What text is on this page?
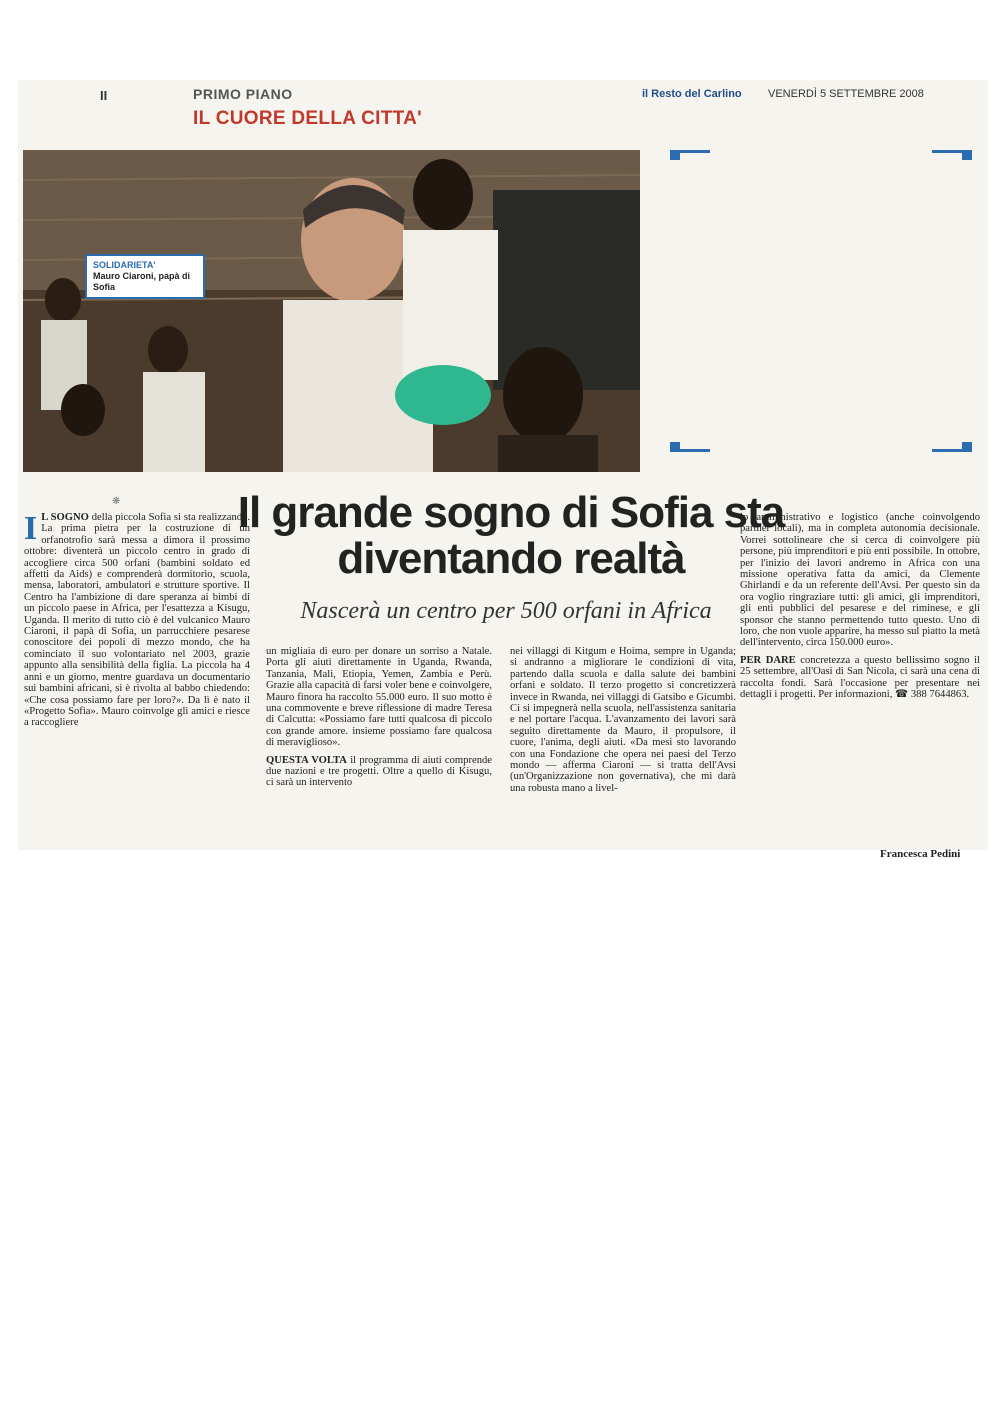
II	PRIMO PIANO
IL CUORE DELLA CITTA'
il Resto del Carlino VENERDÌ 5 SETTEMBRE 2008
SOLIDARIETA'
Mauro Ciaroni, papà di Sofia
❋	Il grande sogno di Sofia sta diventando realtà
Nascerà un centro per 500 orfani in Africa
I L SOGNO della piccola Sofia si sta realizzando. La prima pietra per la costruzione di un orfanotrofio sarà messa a dimora il prossimo ottobre: diventerà un piccolo centro in grado di accogliere circa 500 orfani (bambini soldato ed affetti da Aids) e comprenderà dormitorio, scuola, mensa, laboratori, ambulatori e strutture sportive. Il Centro ha l'ambizione di dare speranza ai bimbi di un piccolo paese in Africa, per l'esattezza a Kisugu, Uganda. Il merito di tutto ciò è del vulcanico Mauro Ciaroni, il papà di Sofia, un parrucchiere pesarese conoscitore dei popoli di mezzo mondo, che ha cominciato il suo volontariato nel 2003, grazie appunto alla sensibilità della figlia. La piccola ha 4 anni e un giorno, mentre guardava un documentario sui bambini africani, si è rivolta al babbo chiedendo: «Che cosa possiamo fare per loro?». Da lì è nato il «Progetto Sofia». Mauro coinvolge gli amici e riesce a raccogliere

un migliaia di euro per donare un sorriso a Natale. Porta gli aiuti direttamente in Uganda, Rwanda, Tanzania, Mali, Etiopia, Yemen, Zambia e Perù. Grazie alla capacità di farsi voler bene e coinvolgere, Mauro finora ha raccolto 55.000 euro. Il suo motto è una commovente e breve riflessione di madre Teresa di Calcutta: «Possiamo fare tutti qualcosa di piccolo con grande amore. insieme possiamo fare qualcosa di meraviglioso».

QUESTA VOLTA il programma di aiuti comprende due nazioni e tre progetti. Oltre a quello di Kisugu, ci sarà un intervento

nei villaggi di Kitgum e Hoima, sempre in Uganda; si andranno a migliorare le condizioni di vita, partendo dalla scuola e dalla salute dei bambini orfani e soldato. Il terzo progetto si concretizzerà invece in Rwanda, nei villaggi di Gatsibo e Gicumbi. Ci si impegnerà nella scuola, nell'assistenza sanitaria e nel portare l'acqua. L'avanzamento dei lavori sarà seguito direttamente da Mauro, il propulsore, il cuore, l'anima, degli aiuti. «Da mesi sto lavorando con una Fondazione che opera nei paesi del Terzo mondo — afferma Ciaroni — si tratta dell'Avsi (un'Organizzazione non governativa), che mi darà una robusta mano a livel-

lo amministrativo e logistico (anche coinvolgendo partner locali), ma in completa autonomia decisionale. Vorrei sottolineare che si cerca di coinvolgere più persone, più imprenditori e più enti possibile. In ottobre, per l'inizio dei lavori andremo in Africa con una missione operativa fatta da amici, da Clemente Ghirlandi e da un referente dell'Avsi. Per questo sin da ora voglio ringraziare tutti: gli amici, gli imprenditori, gli enti pubblici del pesarese e del riminese, e gli sponsor che stanno permettendo tutto questo. Uno di loro, che non vuole apparire, ha messo sul piatto la metà dell'intervento, circa 150.000 euro».

PER DARE concretezza a questo bellissimo sogno il 25 settembre, all'Oasi di San Nicola, ci sarà una cena di raccolta fondi. Sarà l'occasione per presentare nei dettagli i progetti. Per informazioni, ☎ 388 7644863.

Francesca Pedini
